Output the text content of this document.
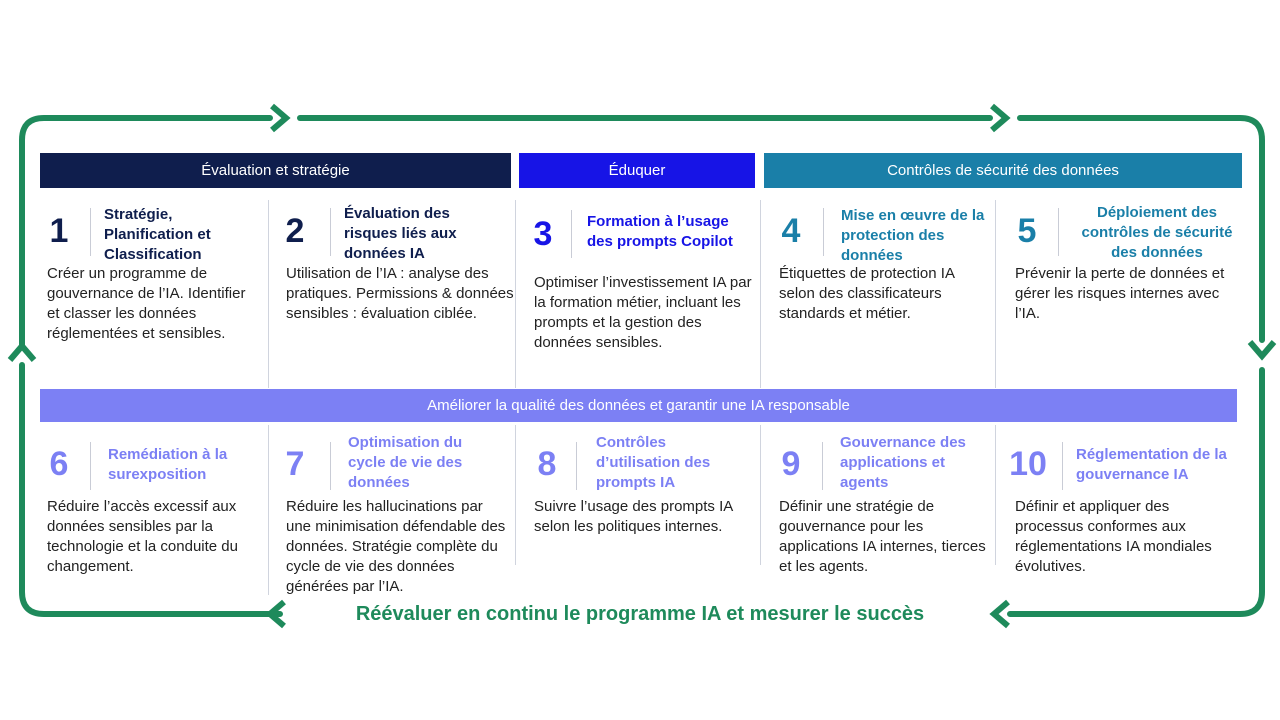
Évaluation et stratégie	Éduquer	Contrôles de sécurité des données
1	Stratégie, Planification et Classification
Créer un programme de gouvernance de l’IA. Identifier et classer les données réglementées et sensibles.
2	Évaluation des risques liés aux données IA
Utilisation de l’IA : analyse des pratiques. Permissions & données sensibles : évaluation ciblée.
3	Formation à l’usage des prompts Copilot
Optimiser l’investissement IA par la formation métier, incluant les prompts et la gestion des données sensibles.
4	Mise en œuvre de la protection des données
Étiquettes de protection IA selon des classificateurs standards et métier.
5	Déploiement des contrôles de sécurité des données
Prévenir la perte de données et gérer les risques internes avec l’IA.
Améliorer la qualité des données et garantir une IA responsable
6	Remédiation à la surexposition
Réduire l’accès excessif aux données sensibles par la technologie et la conduite du changement.
7
Optimisation du cycle de vie des données
Réduire les hallucinations par une minimisation défendable des données. Stratégie complète du cycle de vie des données générées par l’IA.
8
Contrôles d’utilisation des prompts IA
Suivre l’usage des prompts IA selon les politiques internes.
9
Gouvernance des applications et agents
Définir une stratégie de gouvernance pour les applications IA internes, tierces et les agents.
10	Réglementation de la gouvernance IA
Définir et appliquer des processus conformes aux réglementations IA mondiales évolutives.
Réévaluer en continu le programme IA et mesurer le succès
